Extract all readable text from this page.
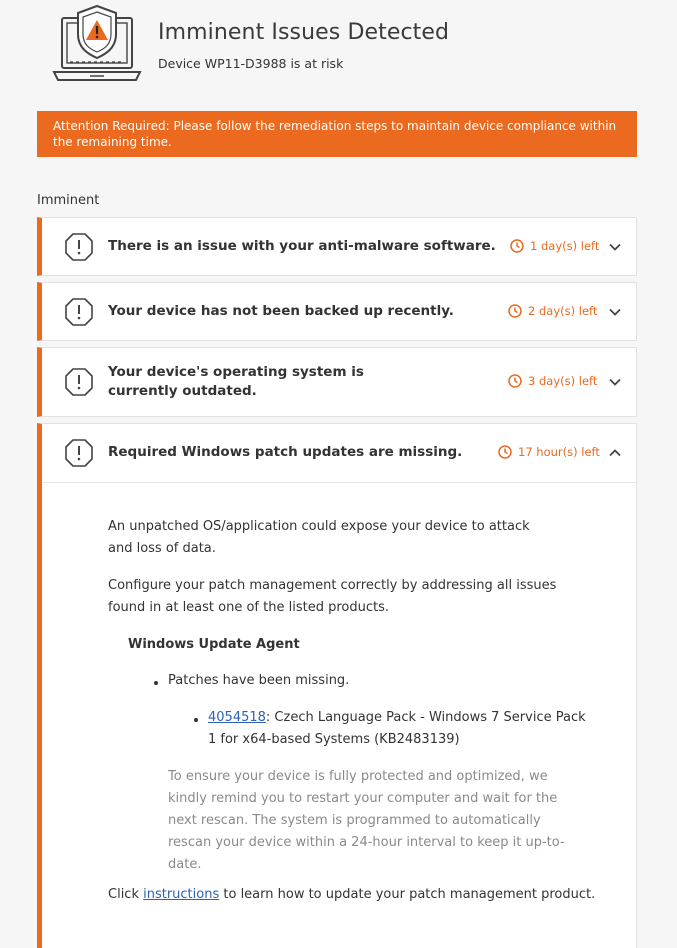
Imminent Issues Detected
Device WP11-D3988 is at risk
Attention Required: Please follow the remediation steps to maintain device compliance within the remaining time.
Imminent
There is an issue with your anti-malware software.	1 day(s) left
Your device has not been backed up recently.	2 day(s) left
Your device's operating system is currently outdated.
3 day(s) left
Required Windows patch updates are missing.	17 hour(s) left
An unpatched OS/application could expose your device to attack and loss of data.
Configure your patch management correctly by addressing all issues found in at least one of the listed products.
Windows Update Agent
Patches have been missing.
4054518: Czech Language Pack - Windows 7 Service Pack 1 for x64-based Systems (KB2483139)
To ensure your device is fully protected and optimized, we kindly remind you to restart your computer and wait for the next rescan. The system is programmed to automatically rescan your device within a 24-hour interval to keep it up-to-date.
Click instructions to learn how to update your patch management product.
